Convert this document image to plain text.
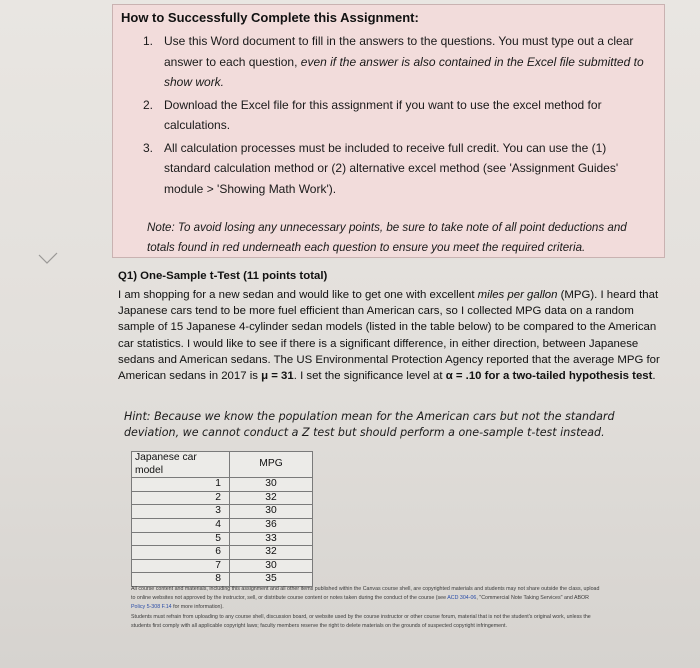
How to Successfully Complete this Assignment:
1. Use this Word document to fill in the answers to the questions. You must type out a clear answer to each question, even if the answer is also contained in the Excel file submitted to show work.
2. Download the Excel file for this assignment if you want to use the excel method for calculations.
3. All calculation processes must be included to receive full credit. You can use the (1) standard calculation method or (2) alternative excel method (see 'Assignment Guides' module > 'Showing Math Work').
Note: To avoid losing any unnecessary points, be sure to take note of all point deductions and totals found in red underneath each question to ensure you meet the required criteria.
Q1) One-Sample t-Test (11 points total)

I am shopping for a new sedan and would like to get one with excellent miles per gallon (MPG). I heard that Japanese cars tend to be more fuel efficient than American cars, so I collected MPG data on a random sample of 15 Japanese 4-cylinder sedan models (listed in the table below) to be compared to the American car statistics. I would like to see if there is a significant difference, in either direction, between Japanese sedans and American sedans. The US Environmental Protection Agency reported that the average MPG for American sedans in 2017 is μ = 31. I set the significance level at α = .10 for a two-tailed hypothesis test.

Hint: Because we know the population mean for the American cars but not the standard deviation, we cannot conduct a Z test but should perform a one-sample t-test instead.
Japanese car model	MPG
1	30
2	32
3	30
4	36
5	33
6	32
7	30
8	35
All course content and materials, including this assignment and all other items published within the Canvas course shell, are copyrighted materials and students may not share outside the class, upload
to online websites not approved by the instructor, sell, or distribute course content or notes taken during the conduct of the course (see ACD 304-06, "Commercial Note Taking Services" and ABOR
Policy 5-308 F.14 for more information).
Students must refrain from uploading to any course shell, discussion board, or website used by the course instructor or other course forum, material that is not the student's original work, unless the
students first comply with all applicable copyright laws; faculty members reserve the right to delete materials on the grounds of suspected copyright infringement.
